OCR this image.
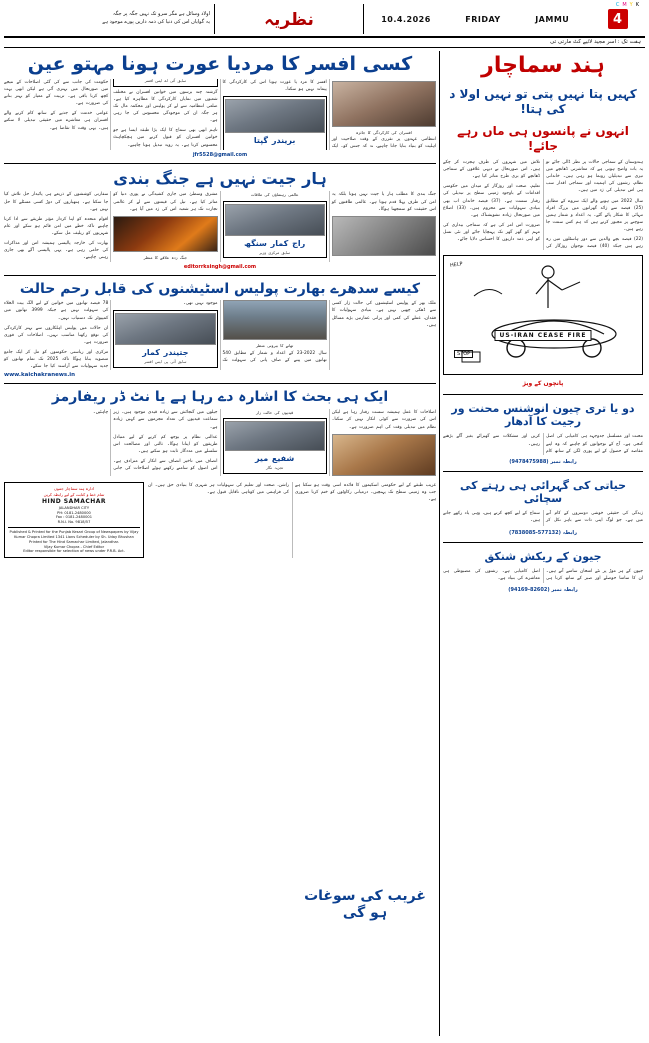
C M Y K
اولاد وسائل ہے مگر سرو تک نہیں جگہ پر جگہ
یہ گوایاں اس کی دنیا کی ذمہ داریں پورے موجود ہے	نظریہ	10.4.2026	FRIDAY	JAMMU	4
ہفت تک : اسر مجید لائیے کٹ مارتی تی
کسی افسر کا مردیا عورت ہونا مہتو عین
افسران کی کارکردگی کا جائزہ

انتظامی عہدوں پر تقرری کے وقت صلاحیت اور اہلیت کو بنیاد بنایا جانا چاہیے، نہ کہ جنس کو۔ ایک افسر کا مرد یا عورت ہونا اس کی کارکردگی کا پیمانہ نہیں ہو سکتا۔

بریندر گپتا
سابق آئی اے ایس افسر

گزشتہ چند برسوں میں خواتین افسران نے مختلف شعبوں میں نمایاں کارکردگی کا مظاہرہ کیا ہے۔ ضلعی انتظامیہ سے لے کر پولیس اور محکمہ مال تک ہر جگہ ان کی موجودگی محسوس کی جا رہی ہے۔

تاہم ابھی بھی سماج کا ایک بڑا طبقہ ایسا ہے جو خواتین افسران کو قبول کرنے میں ہچکچاہٹ محسوس کرتا ہے۔ یہ رویہ تبدیل ہونا چاہیے۔

حکومت کی جانب سے کی گئی اصلاحات کے نتیجے میں صورتحال میں بہتری آئی ہے لیکن ابھی بہت کچھ کرنا باقی ہے۔ تربیت کے معیار کو بہتر بنانے کی ضرورت ہے۔

عوامی خدمت کے جذبے کے ساتھ کام کرنے والے افسران ہی معاشرے میں حقیقی تبدیلی لا سکتے ہیں۔ یہی وقت کا تقاضا ہے۔

jfr5528@gmail.com
ہار جیت نہیں ہے جنگ بندی

جنگ بندی کا مطلب ہار یا جیت نہیں ہوتا بلکہ یہ امن کی طرف پہلا قدم ہوتا ہے۔ عالمی طاقتوں کو اس حقیقت کو سمجھنا ہوگا۔

عالمی رہنماؤں کی ملاقات
راج کمار سنگھ
سابق مرکزی وزیر

مشرق وسطیٰ میں جاری کشیدگی نے پوری دنیا کو متاثر کیا ہے۔ تیل کی قیمتوں سے لے کر عالمی تجارت تک ہر شعبہ اس کی زد میں آیا ہے۔

جنگ زدہ علاقے کا منظر

سفارتی کوششوں کے ذریعے ہی پائیدار حل تلاش کیا جا سکتا ہے۔ ہتھیاروں کی دوڑ کسی مسئلے کا حل نہیں ہے۔

اقوام متحدہ کو اپنا کردار مؤثر طریقے سے ادا کرنا چاہیے تاکہ خطے میں امن قائم ہو سکے اور عام شہریوں کو ریلیف مل سکے۔

بھارت کی خارجہ پالیسی ہمیشہ امن اور مذاکرات کی حامی رہی ہے۔ یہی پالیسی آگے بھی جاری رہنی چاہیے۔

editorrksingh@gmail.com
کیسے سدھرے بھارت پولیس اسٹیشنوں کی قابل رحم حالت

ملک بھر کے پولیس اسٹیشنوں کی حالت زار کسی سے ڈھکی چھپی نہیں ہے۔ بنیادی سہولیات کا فقدان، عملے کی کمی اور پرانی عمارتیں بڑے مسائل ہیں۔

تھانے کا بیرونی منظر

سال 2022-23 کے اعداد و شمار کے مطابق 540 تھانوں میں پینے کے صاف پانی کی سہولت تک موجود نہیں تھی۔

جتیندر کمار
سابق آئی پی ایس افسر

78 فیصد تھانوں میں خواتین کے لیے الگ بیت الخلاء کی سہولت نہیں ہے جبکہ 3999 تھانوں میں کمپیوٹر تک دستیاب نہیں۔

ان حالات میں پولیس اہلکاروں سے بہتر کارکردگی کی توقع رکھنا مناسب نہیں۔ اصلاحات کی فوری ضرورت ہے۔

مرکزی اور ریاستی حکومتوں کو مل کر ایک جامع منصوبہ بنانا ہوگا تاکہ 2025 تک تمام تھانوں کو جدید سہولیات سے آراستہ کیا جا سکے۔

www.kaichakranews.in
ایک ہی بحث کا اشارہ دے رہا ہے یا نٹ ڈر ریفارمز

اصلاحات کا عمل ہمیشہ سست رفتار رہا ہے لیکن اس کی ضرورت سے کوئی انکار نہیں کر سکتا۔ نظام میں تبدیلی وقت کی اہم ضرورت ہے۔

قیدیوں کی حالت زار
شفیع میر
تجزیہ نگار

جیلوں میں گنجائش سے زیادہ قیدی موجود ہیں۔ زیر سماعت قیدیوں کی تعداد مجرموں سے کہیں زیادہ ہے۔

عدالتی نظام پر بوجھ کم کرنے کے لیے متبادل طریقوں کو اپنانا ہوگا۔ ثالثی اور مصالحت اس سلسلے میں مددگار ثابت ہو سکتے ہیں۔

انصاف میں تاخیر انصاف سے انکار کے مترادف ہے۔ اس اصول کو سامنے رکھتے ہوئے اصلاحات کی جانی چاہئیں۔

ادارہ ہند سماچار جموں
تمام خط و کتابت کے لیے رابطہ کریں
HIND SAMACHAR
JALANDHAR CITY
PH: 0181-2480000
Fax : 0181-2480001
R.N.I. No. 9818/57
Published & Printed for the Punjab Kesari Group of Newspapers by Vijay Kumar Chopra Limited 1341 Lions Scheduler by Sh. Uday Bhushan Printed for The Hind Samachar Limited, Jalandhar.
Vijay Kumar Chopra - Chief Editor
Editor responsible for selection of news under P.R.B. Act.

غریب طبقے کے لیے حکومتی اسکیموں کا فائدہ اسی وقت ہو سکتا ہے جب وہ زمینی سطح تک پہنچیں۔ درمیانی رکاوٹوں کو ختم کرنا ضروری ہے۔

راشن، صحت اور تعلیم کی سہولیات ہر شہری کا بنیادی حق ہیں۔ ان کی فراہمی میں کوتاہی ناقابل قبول ہے۔

ہند سماچار
کہیں پتا نہیں پتی تو نہیں اولا د کی ہتا!
انہوں نے پانسوں ہی ماں رہے جائے!

ہندوستان کے سماجی حالات پر نظر ڈالی جائے تو یہ بات واضح ہوتی ہے کہ معاشرتی ڈھانچے میں تیزی سے تبدیلیاں رونما ہو رہی ہیں۔ خاندانی نظام، رشتوں کی اہمیت اور سماجی اقدار سب ہی اس تبدیلی کی زد میں ہیں۔

سال 2022 میں ہونے والے ایک سروے کے مطابق (25) فیصد سے زائد گھرانوں میں بزرگ افراد تنہائی کا شکار پائے گئے۔ یہ اعداد و شمار ہمیں سوچنے پر مجبور کرتے ہیں کہ ہم کس سمت جا رہے ہیں۔

(22) فیصد بچے والدین سے دور ہاسٹلوں میں رہ رہے ہیں جبکہ (40) فیصد نوجوان روزگار کی تلاش میں شہروں کی طرف ہجرت کر چکے ہیں۔ اس صورتحال نے دیہی علاقوں کے سماجی ڈھانچے کو بری طرح متاثر کیا ہے۔

تعلیم، صحت اور روزگار کے میدان میں حکومتی اقدامات کے باوجود زمینی سطح پر تبدیلی کی رفتار سست ہے۔ (37) فیصد خاندان اب بھی بنیادی سہولیات سے محروم ہیں۔ (33) اضلاع میں صورتحال زیادہ تشویشناک ہے۔

ضرورت اس امر کی ہے کہ سماجی بیداری کی مہم کو گھر گھر تک پہنچایا جائے اور نئی نسل کو اپنی ذمہ داریوں کا احساس دلایا جائے۔

HELP
US-IRAN CEASE FIRE
STOP
پانچوں کے ویژ
دو یا تری چیون انوشنس محنت ور رجیت کا آدھار

محنت اور مسلسل جدوجہد ہی کامیابی کی اصل کنجی ہے۔ آج کے نوجوانوں کو چاہیے کہ وہ اپنے مقاصد کے حصول کے لیے پوری لگن کے ساتھ کام کریں اور مشکلات سے گھبرائے بغیر آگے بڑھتے رہیں۔

(9478475988) رابطہ نمبر
حیاتی کی گہرائی ہی رہتے کی سچائی

زندگی کی حقیقی خوشی دوسروں کے کام آنے میں ہے۔ جو لوگ اپنی ذات سے باہر نکل کر سماج کے لیے کچھ کرتے ہیں، وہی یاد رکھے جاتے ہیں۔

(7838085-577132) رابطہ
جیون کے ریکش شنکق

جیون کے ہر موڑ پر نئے امتحان سامنے آتے ہیں۔ ان کا سامنا حوصلے اور صبر کے ساتھ کرنا ہی اصل کامیابی ہے۔ رشتوں کی مضبوطی ہی معاشرے کی بنیاد ہے۔

(94169-82602) رابطہ نمبر
غریب کی سوغات ہو گی
